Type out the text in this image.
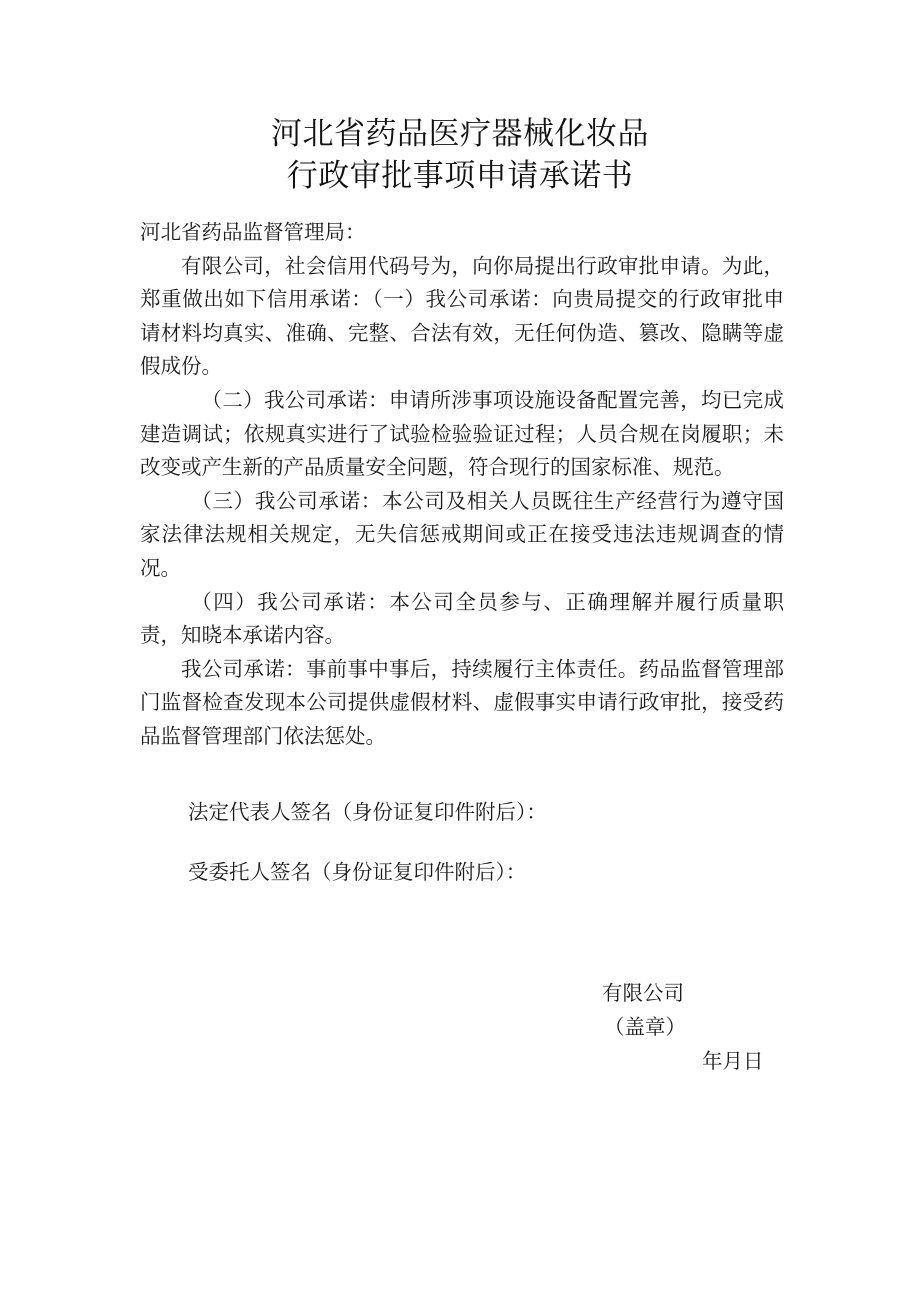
河北省药品医疗器械化妆品
行政审批事项申请承诺书

河北省药品监督管理局：

有限公司，社会信用代码号为，向你局提出行政审批申请。为此，郑重做出如下信用承诺：（一）我公司承诺：向贵局提交的行政审批申请材料均真实、准确、完整、合法有效，无任何伪造、篡改、隐瞒等虚假成份。

（二）我公司承诺：申请所涉事项设施设备配置完善，均已完成建造调试；依规真实进行了试验检验验证过程；人员合规在岗履职；未改变或产生新的产品质量安全问题，符合现行的国家标准、规范。

（三）我公司承诺：本公司及相关人员既往生产经营行为遵守国家法律法规相关规定，无失信惩戒期间或正在接受违法违规调查的情况。

（四）我公司承诺：本公司全员参与、正确理解并履行质量职责，知晓本承诺内容。

我公司承诺：事前事中事后，持续履行主体责任。药品监督管理部门监督检查发现本公司提供虚假材料、虚假事实申请行政审批，接受药品监督管理部门依法惩处。

法定代表人签名（身份证复印件附后）：
受委托人签名（身份证复印件附后）：
有限公司
（盖章）
年月日
